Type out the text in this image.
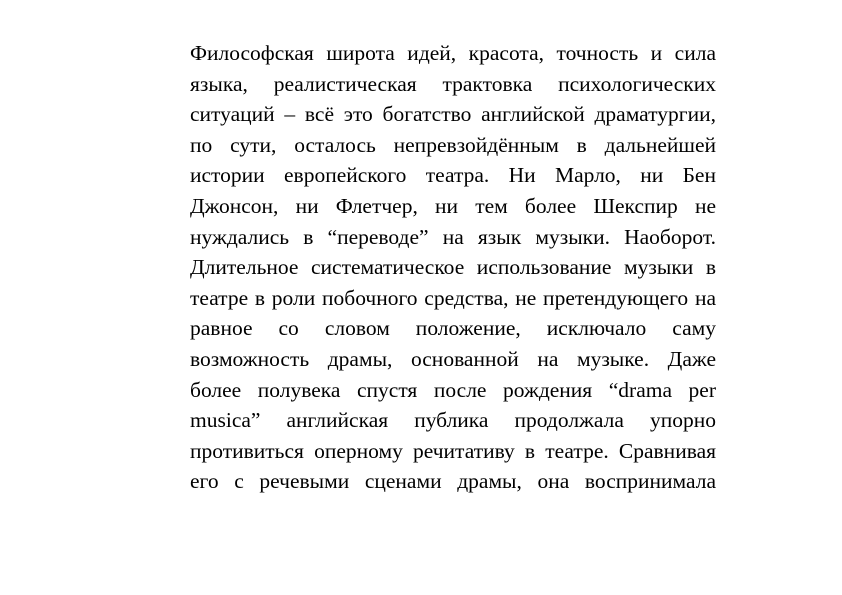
Философская широта идей, красота, точность и сила
языка, реалистическая трактовка психологических
ситуаций – всё это богатство английской драматургии,
по сути, осталось непревзойдённым в дальнейшей
истории европейского театра. Ни Марло, ни Бен
Джонсон, ни Флетчер, ни тем более Шекспир не
нуждались в “переводе” на язык музыки. Наоборот.
Длительное систематическое использование музыки в
театре в роли побочного средства, не претендующего на
равное со словом положение, исключало саму
возможность драмы, основанной на музыке. Даже
более полувека спустя после рождения “drama per
musica” английская публика продолжала упорно
противиться оперному речитативу в театре. Сравнивая
его с речевыми сценами драмы, она воспринимала
